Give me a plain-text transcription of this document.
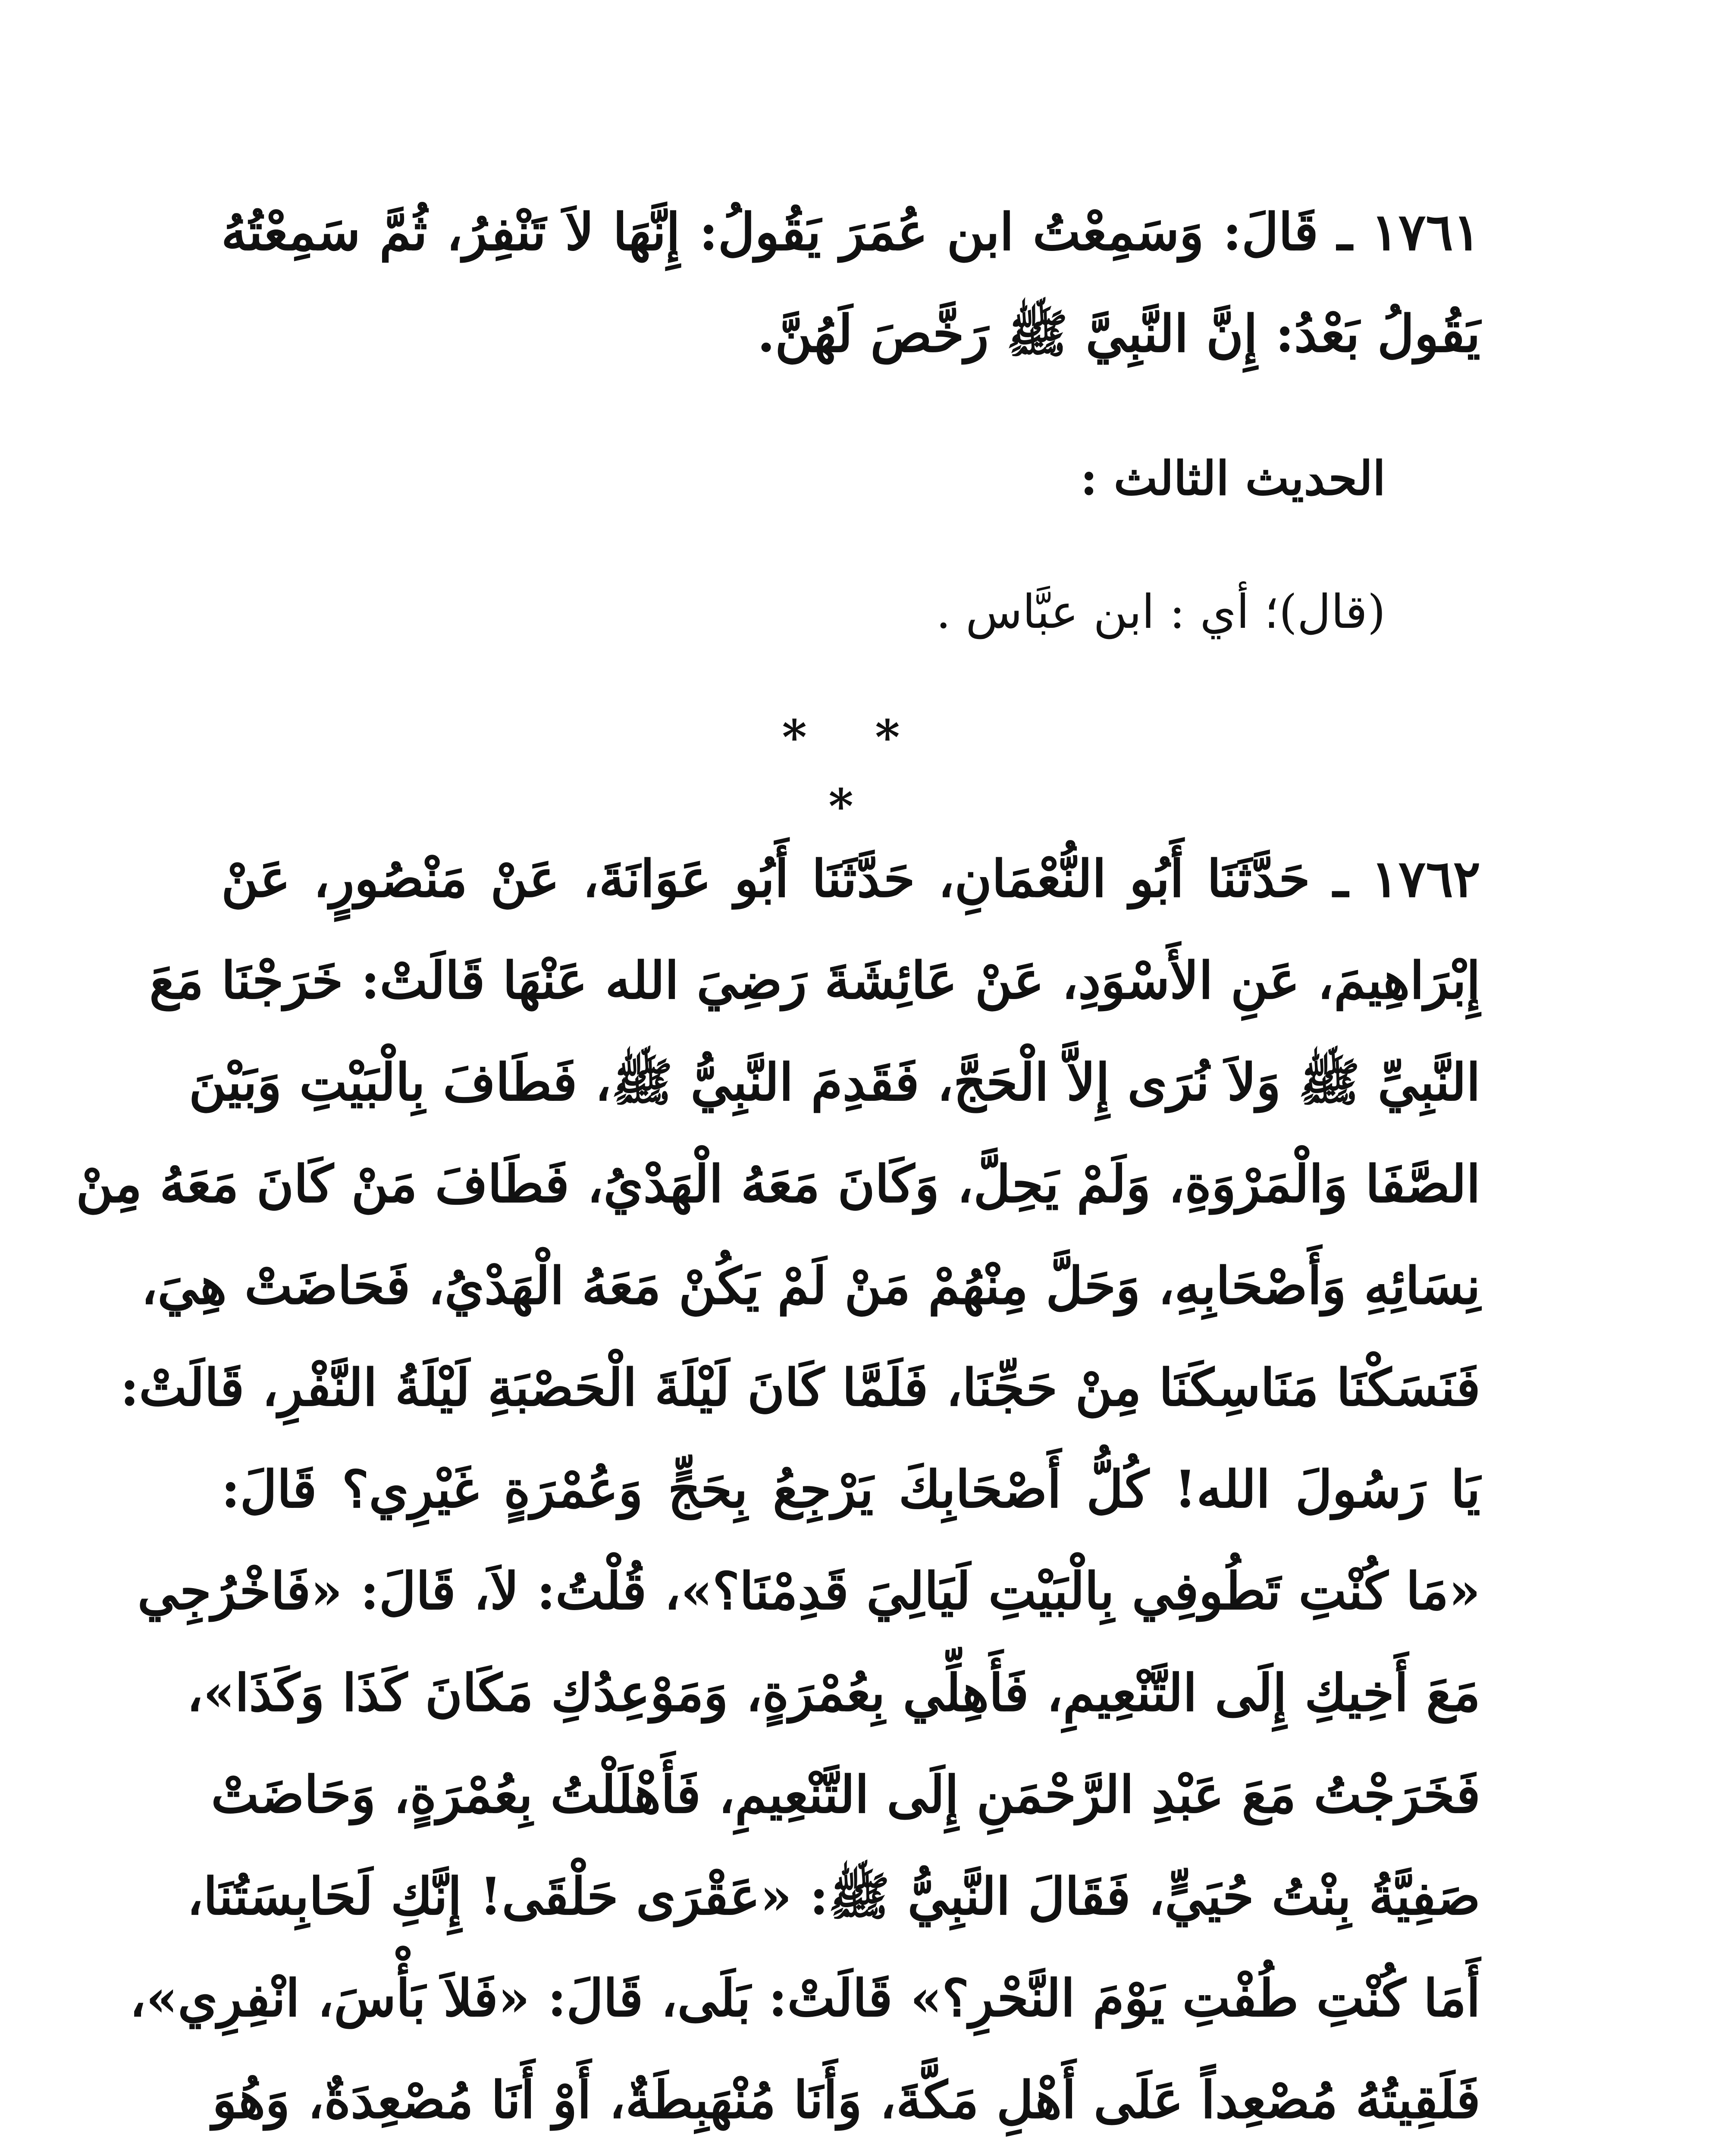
١٧٦١ ـ قَالَ: وَسَمِعْتُ ابن عُمَرَ يَقُولُ: إِنَّهَا لاَ تَنْفِرُ، ثُمَّ سَمِعْتُهُ
يَقُولُ بَعْدُ: إِنَّ النَّبِيَّ ﷺ رَخَّصَ لَهُنَّ.
الحديث الثالث :
(قال)؛ أي : ابن عبَّاس .
* * *
١٧٦٢ ـ حَدَّثَنَا أَبُو النُّعْمَانِ، حَدَّثَنَا أَبُو عَوَانَةَ، عَنْ مَنْصُورٍ، عَنْ
إِبْرَاهِيمَ، عَنِ الأَسْوَدِ، عَنْ عَائِشَةَ رَضِيَ الله عَنْهَا قَالَتْ: خَرَجْنَا مَعَ
النَّبِيِّ ﷺ وَلاَ نُرَى إِلاَّ الْحَجَّ، فَقَدِمَ النَّبِيُّ ﷺ، فَطَافَ بِالْبَيْتِ وَبَيْنَ
الصَّفَا وَالْمَرْوَةِ، وَلَمْ يَحِلَّ، وَكَانَ مَعَهُ الْهَدْيُ، فَطَافَ مَنْ كَانَ مَعَهُ مِنْ
نِسَائِهِ وَأَصْحَابِهِ، وَحَلَّ مِنْهُمْ مَنْ لَمْ يَكُنْ مَعَهُ الْهَدْيُ، فَحَاضَتْ هِيَ،
فَنَسَكْنَا مَنَاسِكَنَا مِنْ حَجِّنَا، فَلَمَّا كَانَ لَيْلَةَ الْحَصْبَةِ لَيْلَةُ النَّفْرِ، قَالَتْ:
يَا رَسُولَ الله! كُلُّ أَصْحَابِكَ يَرْجِعُ بِحَجٍّ وَعُمْرَةٍ غَيْرِي؟ قَالَ:
«مَا كُنْتِ تَطُوفِي بِالْبَيْتِ لَيَالِيَ قَدِمْنَا؟»، قُلْتُ: لاَ، قَالَ: «فَاخْرُجِي
مَعَ أَخِيكِ إِلَى التَّنْعِيمِ، فَأَهِلِّي بِعُمْرَةٍ، وَمَوْعِدُكِ مَكَانَ كَذَا وَكَذَا»،
فَخَرَجْتُ مَعَ عَبْدِ الرَّحْمَنِ إِلَى التَّنْعِيمِ، فَأَهْلَلْتُ بِعُمْرَةٍ، وَحَاضَتْ
صَفِيَّةُ بِنْتُ حُيَيٍّ، فَقَالَ النَّبِيُّ ﷺ: «عَقْرَى حَلْقَى! إِنَّكِ لَحَابِسَتُنَا،
أَمَا كُنْتِ طُفْتِ يَوْمَ النَّحْرِ؟» قَالَتْ: بَلَى، قَالَ: «فَلاَ بَأْسَ، انْفِرِي»،
فَلَقِيتُهُ مُصْعِداً عَلَى أَهْلِ مَكَّةَ، وَأَنَا مُنْهَبِطَةٌ، أَوْ أَنَا مُصْعِدَةٌ، وَهُوَ
